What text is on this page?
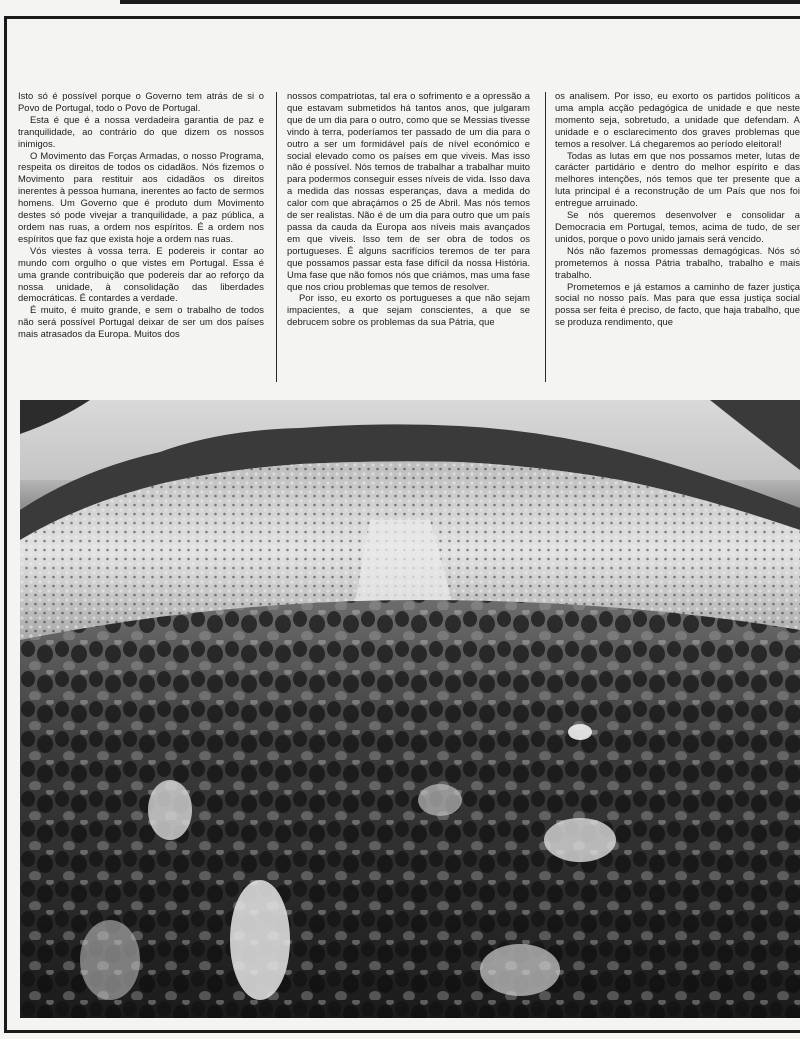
Isto só é possível porque o Governo tem atrás de si o Povo de Portugal, todo o Povo de Portugal.

Esta é que é a nossa verdadeira garantia de paz e tranquilidade, ao contrário do que dizem os nossos inimigos.

O Movimento das Forças Armadas, o nosso Programa, respeita os direitos de todos os cidadãos. Nós fizemos o Movimento para restituir aos cidadãos os direitos inerentes à pessoa humana, inerentes ao facto de sermos homens. Um Governo que é produto dum Movimento destes só pode vivejar a tranquilidade, a paz pública, a ordem nas ruas, a ordem nos espíritos. É a ordem nos espíritos que faz que exista hoje a ordem nas ruas.

Vós viestes à vossa terra. E podereis ir contar ao mundo com orgulho o que vistes em Portugal. Essa é uma grande contribuição que podereis dar ao reforço da nossa unidade, à consolidação das liberdades democráticas. É contardes a verdade.

É muito, é muito grande, e sem o trabalho de todos não será possível Portugal deixar de ser um dos países mais atrasados da Europa. Muitos dos

nossos compatriotas, tal era o sofrimento e a opressão a que estavam submetidos há tantos anos, que julgaram que de um dia para o outro, como que se Messias tivesse vindo à terra, poderíamos ter passado de um dia para o outro a ser um formidável país de nível económico e social elevado como os países em que viveis. Mas isso não é possível. Nós temos de trabalhar a trabalhar muito para podermos conseguir esses níveis de vida. Isso dava a medida das nossas esperanças, dava a medida do calor com que abraçámos o 25 de Abril. Mas nós temos de ser realistas. Não é de um dia para outro que um país passa da cauda da Europa aos níveis mais avançados em que viveis. Isso tem de ser obra de todos os portugueses. É alguns sacrifícios teremos de ter para que possamos passar esta fase difícil da nossa História. Uma fase que não fomos nós que criámos, mas uma fase que nos criou problemas que temos de resolver.

Por isso, eu exorto os portugueses a que não sejam impacientes, a que sejam conscientes, a que se debrucem sobre os problemas da sua Pátria, que

os analisem. Por isso, eu exorto os partidos políticos a uma ampla acção pedagógica de unidade e que neste momento seja, sobretudo, a unidade que defendam. A unidade e o esclarecimento dos graves problemas que temos a resolver. Lá chegaremos ao período eleitoral!

Todas as lutas em que nos possamos meter, lutas de carácter partidário e dentro do melhor espírito e das melhores intenções, nós temos que ter presente que a luta principal é a reconstrução de um País que nos foi entregue arruinado.

Se nós queremos desenvolver e consolidar a Democracia em Portugal, temos, acima de tudo, de ser unidos, porque o povo unido jamais será vencido.

Nós não fazemos promessas demagógicas. Nós só prometemos à nossa Pátria trabalho, trabalho e mais trabalho.

Prometemos e já estamos a caminho de fazer justiça social no nosso país. Mas para que essa justiça social possa ser feita é preciso, de facto, que haja trabalho, que se produza rendimento, que
